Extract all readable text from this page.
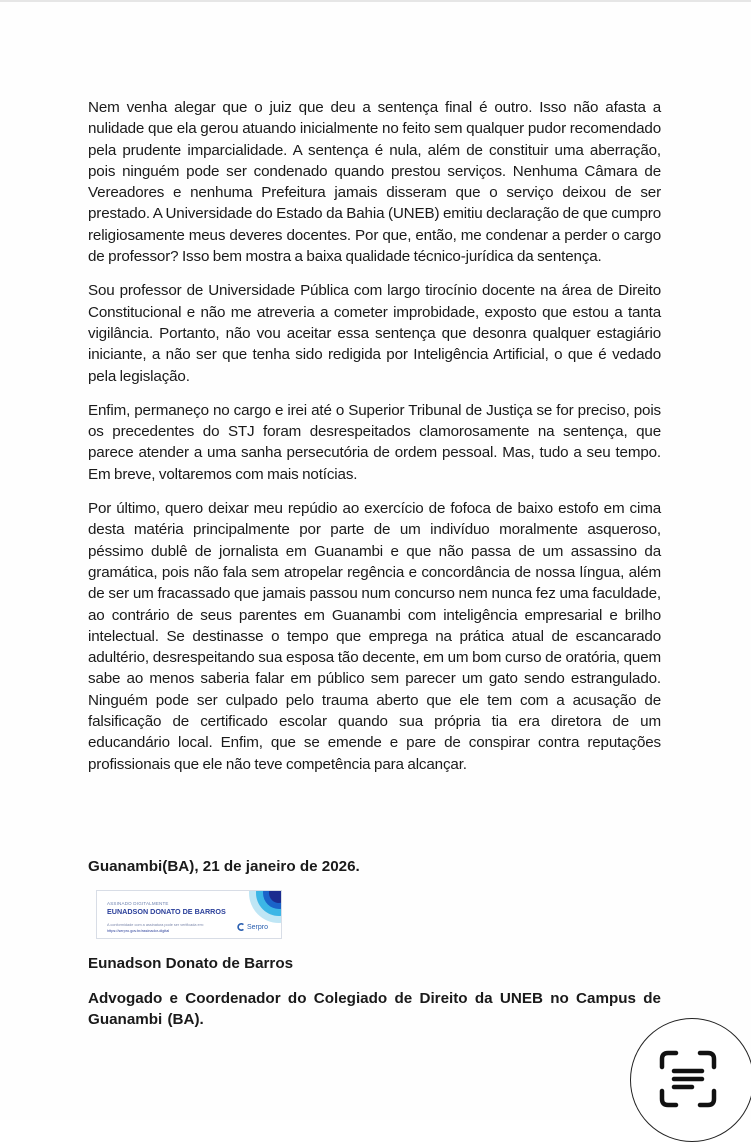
Nem venha alegar que o juiz que deu a sentença final é outro. Isso não afasta a nulidade que ela gerou atuando inicialmente no feito sem qualquer pudor recomendado pela prudente imparcialidade. A sentença é nula, além de constituir uma aberração, pois ninguém pode ser condenado quando prestou serviços. Nenhuma Câmara de Vereadores e nenhuma Prefeitura jamais disseram que o serviço deixou de ser prestado. A Universidade do Estado da Bahia (UNEB) emitiu declaração de que cumpro religiosamente meus deveres docentes. Por que, então, me condenar a perder o cargo de professor? Isso bem mostra a baixa qualidade técnico-jurídica da sentença.

Sou professor de Universidade Pública com largo tirocínio docente na área de Direito Constitucional e não me atreveria a cometer improbidade, exposto que estou a tanta vigilância. Portanto, não vou aceitar essa sentença que desonra qualquer estagiário iniciante, a não ser que tenha sido redigida por Inteligência Artificial, o que é vedado pela legislação.

Enfim, permaneço no cargo e irei até o Superior Tribunal de Justiça se for preciso, pois os precedentes do STJ foram desrespeitados clamorosamente na sentença, que parece atender a uma sanha persecutória de ordem pessoal. Mas, tudo a seu tempo. Em breve, voltaremos com mais notícias.

Por último, quero deixar meu repúdio ao exercício de fofoca de baixo estofo em cima desta matéria principalmente por parte de um indivíduo moralmente asqueroso, péssimo dublê de jornalista em Guanambi e que não passa de um assassino da gramática, pois não fala sem atropelar regência e concordância de nossa língua, além de ser um fracassado que jamais passou num concurso nem nunca fez uma faculdade, ao contrário de seus parentes em Guanambi com inteligência empresarial e brilho intelectual. Se destinasse o tempo que emprega na prática atual de escancarado adultério, desrespeitando sua esposa tão decente, em um bom curso de oratória, quem sabe ao menos saberia falar em público sem parecer um gato sendo estrangulado. Ninguém pode ser culpado pelo trauma aberto que ele tem com a acusação de falsificação de certificado escolar quando sua própria tia era diretora de um educandário local. Enfim, que se emende e pare de conspirar contra reputações profissionais que ele não teve competência para alcançar.

Guanambi(BA), 21 de janeiro de 2026.

ASSINADO DIGITALMENTE
EUNADSON DONATO DE BARROS
A conformidade com a assinatura pode ser verificada em:
https://serpro.gov.br/assinador-digital
Serpro

Eunadson Donato de Barros

Advogado e Coordenador do Colegiado de Direito da UNEB no Campus de Guanambi (BA).
